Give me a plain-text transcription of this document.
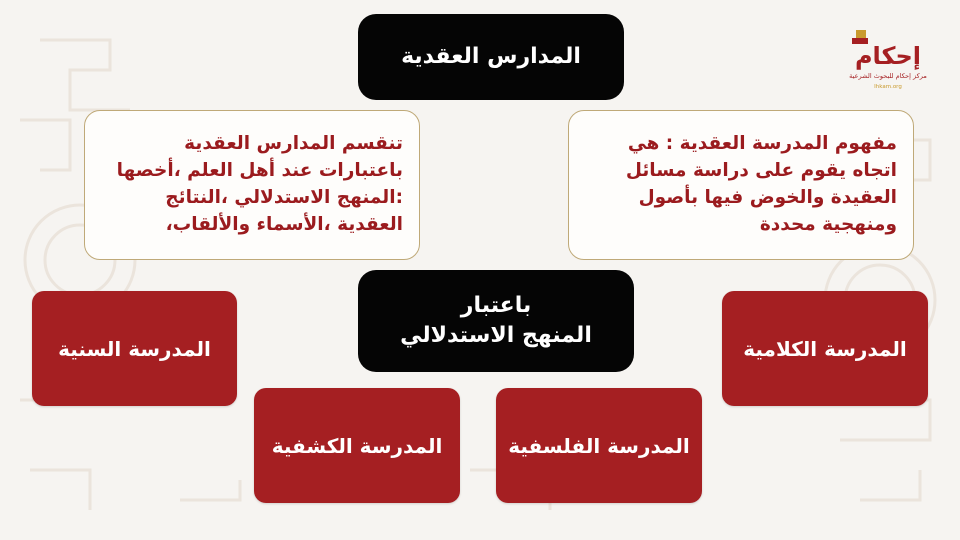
إحكام
مركز إحكام للبحوث الشرعية
Ihkam.org
المدارس العقدية
تنقسم المدارس العقدية باعتبارات عند أهل العلم ،أخصها :المنهج الاستدلالي ،النتائج العقدية ،الأسماء والألقاب،
مفهوم المدرسة العقدية : هي اتجاه يقوم على دراسة مسائل العقيدة والخوض فيها بأصول ومنهجية محددة
باعتبار
المنهج الاستدلالي
المدرسة السنية	المدرسة الكلامية
المدرسة الكشفية	المدرسة الفلسفية
